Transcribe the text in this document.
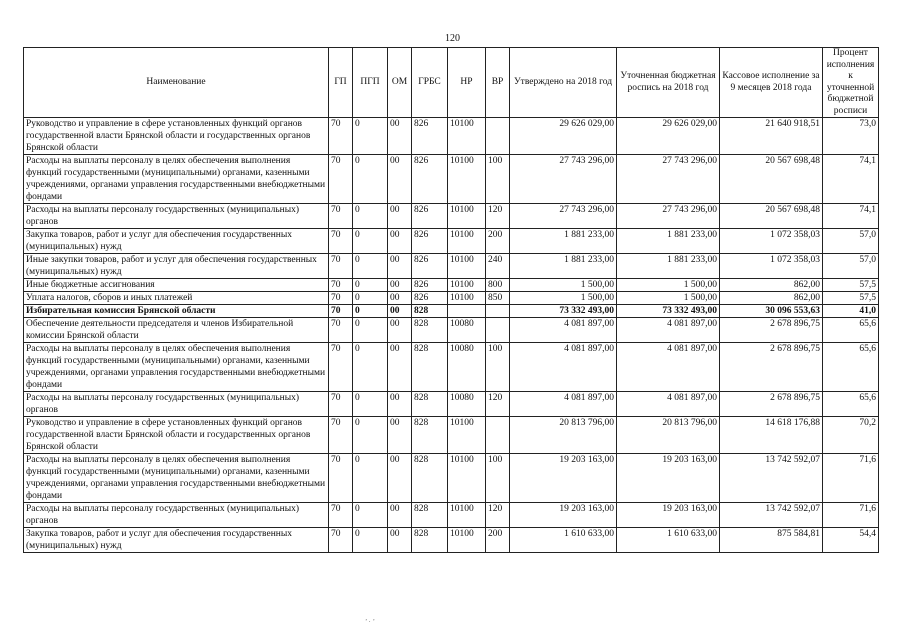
120
Наименование	ГП	ПГП	ОМ	ГРБС	НР	ВР	Утверждено на 2018 год	Уточненная бюджетная роспись на 2018 год	Кассовое исполнение за 9 месяцев 2018 года	Процент исполнения к уточненной бюджетной росписи
Руководство и управление в сфере установленных функций органов государственной власти Брянской области и государственных органов Брянской области	70	0	00	826	10100		29 626 029,00	29 626 029,00	21 640 918,51	73,0
Расходы на выплаты персоналу в целях обеспечения выполнения функций государственными (муниципальными) органами, казенными учреждениями, органами управления государственными внебюджетными фондами	70	0	00	826	10100	100	27 743 296,00	27 743 296,00	20 567 698,48	74,1
Расходы на выплаты персоналу государственных (муниципальных) органов	70	0	00	826	10100	120	27 743 296,00	27 743 296,00	20 567 698,48	74,1
Закупка товаров, работ и услуг для обеспечения государственных (муниципальных) нужд	70	0	00	826	10100	200	1 881 233,00	1 881 233,00	1 072 358,03	57,0
Иные закупки товаров, работ и услуг для обеспечения государственных (муниципальных) нужд	70	0	00	826	10100	240	1 881 233,00	1 881 233,00	1 072 358,03	57,0
Иные бюджетные ассигнования	70	0	00	826	10100	800	1 500,00	1 500,00	862,00	57,5
Уплата налогов, сборов и иных платежей	70	0	00	826	10100	850	1 500,00	1 500,00	862,00	57,5
Избирательная комиссия Брянской области	70	0	00	828			73 332 493,00	73 332 493,00	30 096 553,63	41,0
Обеспечение деятельности председателя и членов Избирательной комиссии Брянской области	70	0	00	828	10080		4 081 897,00	4 081 897,00	2 678 896,75	65,6
Расходы на выплаты персоналу в целях обеспечения выполнения функций государственными (муниципальными) органами, казенными учреждениями, органами управления государственными внебюджетными фондами	70	0	00	828	10080	100	4 081 897,00	4 081 897,00	2 678 896,75	65,6
Расходы на выплаты персоналу государственных (муниципальных) органов	70	0	00	828	10080	120	4 081 897,00	4 081 897,00	2 678 896,75	65,6
Руководство и управление в сфере установленных функций органов государственной власти Брянской области и государственных органов Брянской области	70	0	00	828	10100		20 813 796,00	20 813 796,00	14 618 176,88	70,2
Расходы на выплаты персоналу в целях обеспечения выполнения функций государственными (муниципальными) органами, казенными учреждениями, органами управления государственными внебюджетными фондами	70	0	00	828	10100	100	19 203 163,00	19 203 163,00	13 742 592,07	71,6
Расходы на выплаты персоналу государственных (муниципальных) органов	70	0	00	828	10100	120	19 203 163,00	19 203 163,00	13 742 592,07	71,6
Закупка товаров, работ и услуг для обеспечения государственных (муниципальных) нужд	70	0	00	828	10100	200	1 610 633,00	1 610 633,00	875 584,81	54,4
’ · ’
